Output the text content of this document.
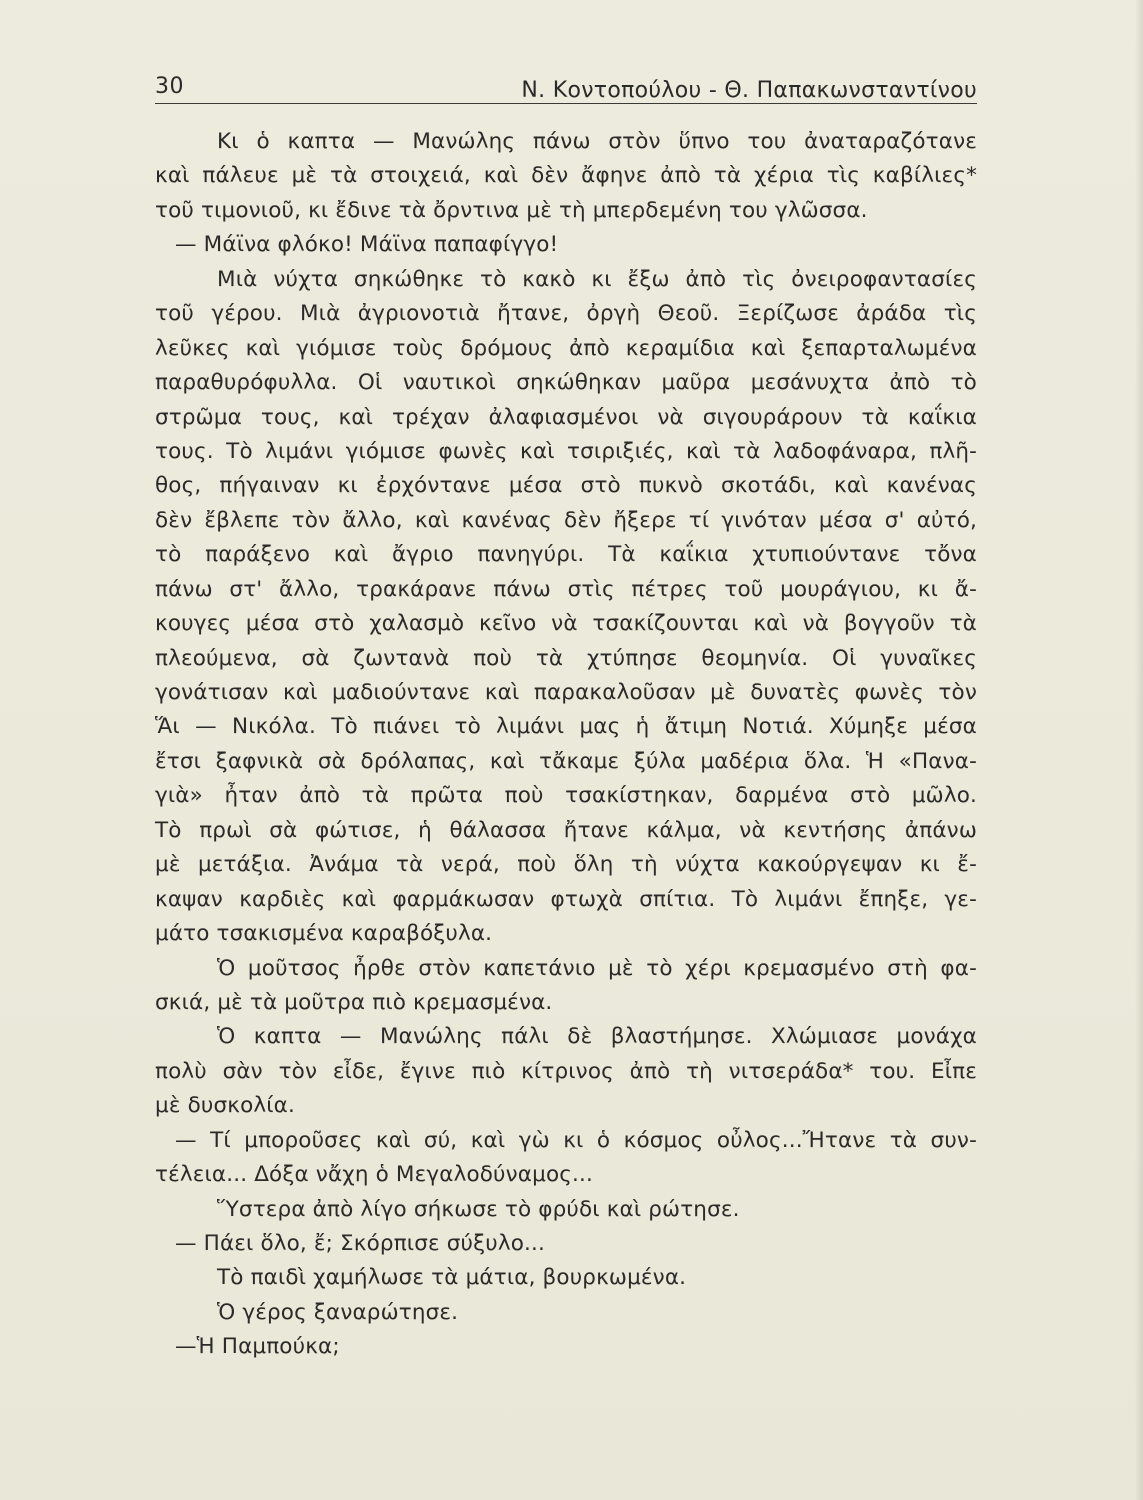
30	Ν. Κοντοπούλου - Θ. Παπακωνσταντίνου
Κι ὁ καπτα — Μανώλης πάνω στὸν ὕπνο του ἀναταραζότανε
καὶ πάλευε μὲ τὰ στοιχειά, καὶ δὲν ἄφηνε ἀπὸ τὰ χέρια τὶς καβίλιες*
τοῦ τιμονιοῦ, κι ἔδινε τὰ ὄρντινα μὲ τὴ μπερδεμένη του γλῶσσα.
— Μάϊνα φλόκο! Μάϊνα παπαφίγγο!
Μιὰ νύχτα σηκώθηκε τὸ κακὸ κι ἔξω ἀπὸ τὶς ὀνειροφαντασίες
τοῦ γέρου. Μιὰ ἀγριονοτιὰ ἤτανε, ὀργὴ Θεοῦ. Ξερίζωσε ἀράδα τὶς
λεῦκες καὶ γιόμισε τοὺς δρόμους ἀπὸ κεραμίδια καὶ ξεπαρταλωμένα
παραθυρόφυλλα. Οἱ ναυτικοὶ σηκώθηκαν μαῦρα μεσάνυχτα ἀπὸ τὸ
στρῶμα τους, καὶ τρέχαν ἀλαφιασμένοι νὰ σιγουράρουν τὰ καΐκια
τους. Τὸ λιμάνι γιόμισε φωνὲς καὶ τσιριξιές, καὶ τὰ λαδοφάναρα, πλῆ-
θος, πήγαιναν κι ἐρχόντανε μέσα στὸ πυκνὸ σκοτάδι, καὶ κανένας
δὲν ἔβλεπε τὸν ἄλλο, καὶ κανένας δὲν ἤξερε τί γινόταν μέσα σ' αὐτό,
τὸ παράξενο καὶ ἄγριο πανηγύρι. Τὰ καΐκια χτυπιούντανε τὄνα
πάνω στ' ἄλλο, τρακάρανε πάνω στὶς πέτρες τοῦ μουράγιου, κι ἄ-
κουγες μέσα στὸ χαλασμὸ κεῖνο νὰ τσακίζουνται καὶ νὰ βογγοῦν τὰ
πλεούμενα, σὰ ζωντανὰ ποὺ τὰ χτύπησε θεομηνία. Οἱ γυναῖκες
γονάτισαν καὶ μαδιούντανε καὶ παρακαλοῦσαν μὲ δυνατὲς φωνὲς τὸν
Ἅι — Νικόλα. Τὸ πιάνει τὸ λιμάνι μας ἡ ἄτιμη Νοτιά. Χύμηξε μέσα
ἔτσι ξαφνικὰ σὰ δρόλαπας, καὶ τἄκαμε ξύλα μαδέρια ὅλα. Ἡ «Πανα-
γιὰ» ἦταν ἀπὸ τὰ πρῶτα ποὺ τσακίστηκαν, δαρμένα στὸ μῶλο.
Τὸ πρωὶ σὰ φώτισε, ἡ θάλασσα ἤτανε κάλμα, νὰ κεντήσης ἀπάνω
μὲ μετάξια. Ἀνάμα τὰ νερά, ποὺ ὅλη τὴ νύχτα κακούργεψαν κι ἔ-
καψαν καρδιὲς καὶ φαρμάκωσαν φτωχὰ σπίτια. Τὸ λιμάνι ἔπηξε, γε-
μάτο τσακισμένα καραβόξυλα.
Ὁ μοῦτσος ἦρθε στὸν καπετάνιο μὲ τὸ χέρι κρεμασμένο στὴ φα-
σκιά, μὲ τὰ μοῦτρα πιὸ κρεμασμένα.
Ὁ καπτα — Μανώλης πάλι δὲ βλαστήμησε. Χλώμιασε μονάχα
πολὺ σὰν τὸν εἶδε, ἔγινε πιὸ κίτρινος ἀπὸ τὴ νιτσεράδα* του. Εἶπε
μὲ δυσκολία.
— Τί μποροῦσες καὶ σύ, καὶ γὼ κι ὁ κόσμος οὖλος...Ἤτανε τὰ συν-
τέλεια... Δόξα νἄχη ὁ Μεγαλοδύναμος...
Ὕστερα ἀπὸ λίγο σήκωσε τὸ φρύδι καὶ ρώτησε.
— Πάει ὅλο, ἔ; Σκόρπισε σύξυλο...
Τὸ παιδὶ χαμήλωσε τὰ μάτια, βουρκωμένα.
Ὁ γέρος ξαναρώτησε.
—Ἡ Παμπούκα;
